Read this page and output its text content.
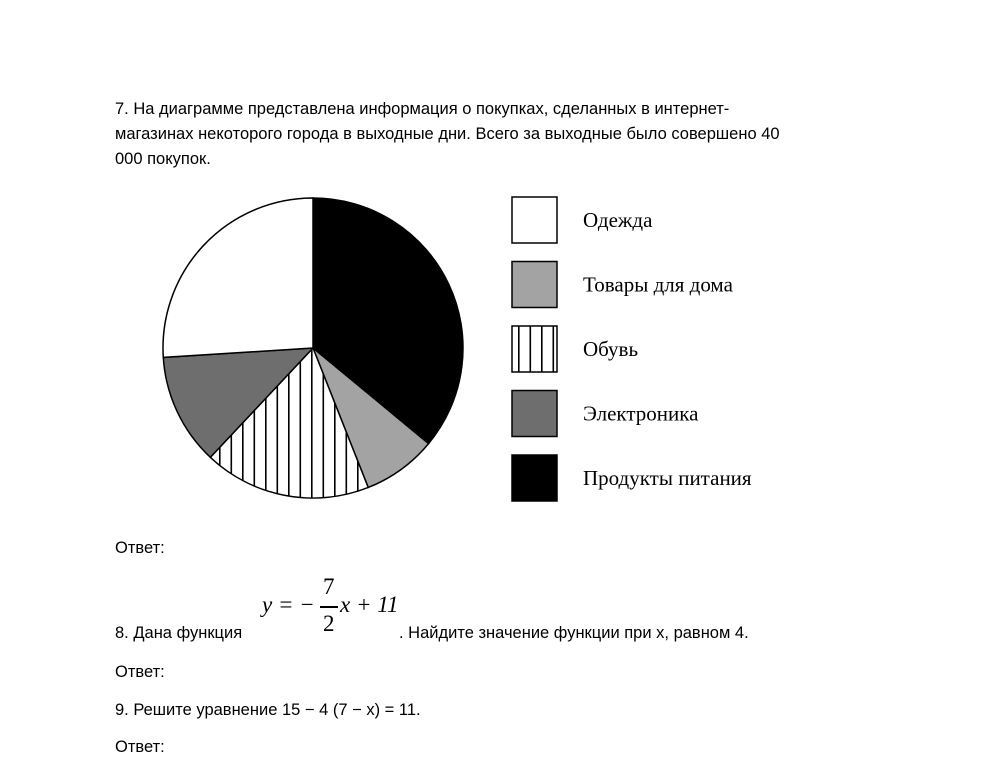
7. На диаграмме представлена информация о покупках, сделанных в интернет-
магазинах некоторого города в выходные дни. Всего за выходные было совершено 40
000 покупок.

Одежда
Товары для дома
Обувь
Электроника
Продукты питания
Ответ:
8. Дана функция
y = −
7
2
x + 11
. Найдите значение функции при x, равном 4.
Ответ:
9. Решите уравнение 15 − 4 (7 − x) = 11.
Ответ:
